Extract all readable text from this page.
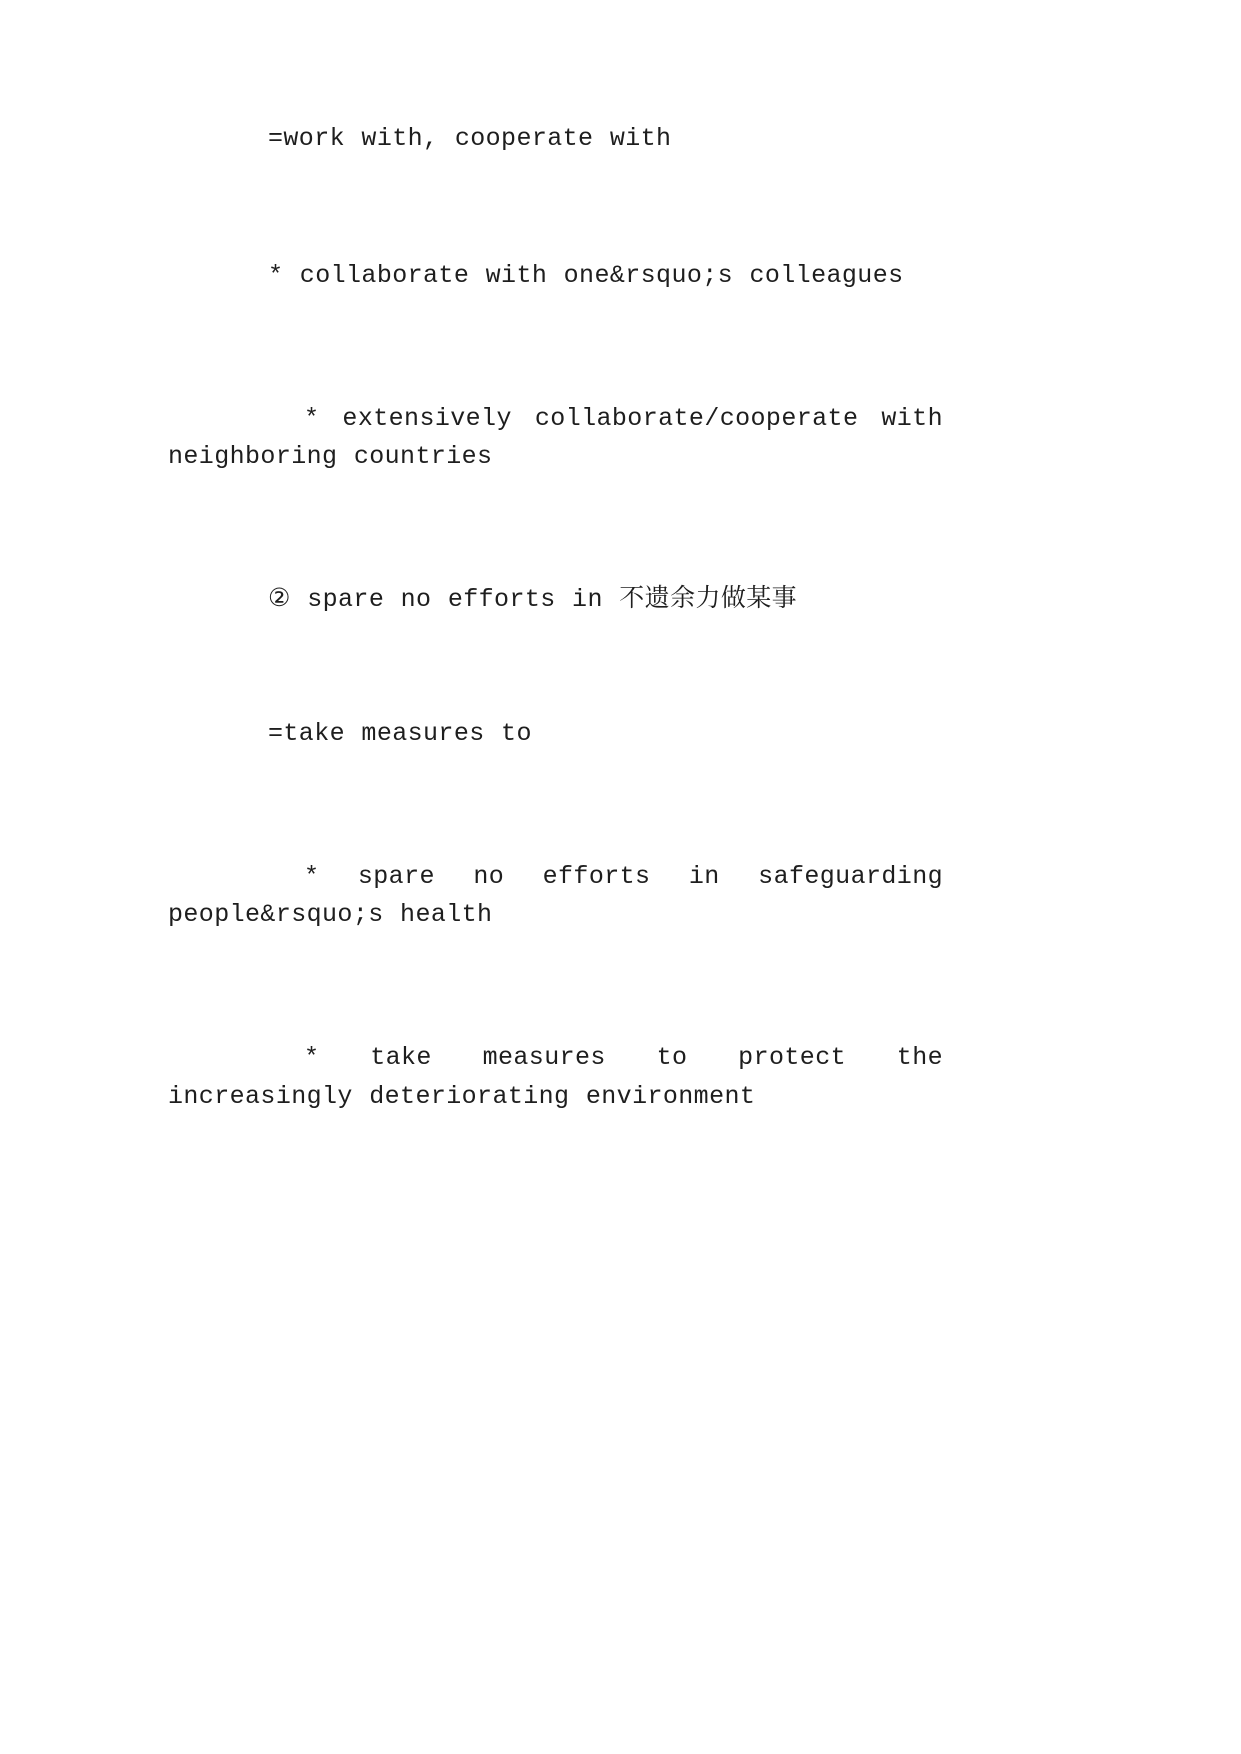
=work with, cooperate with

* collaborate with one&rsquo;s colleagues

* extensively collaborate/cooperate with neighboring countries

② spare no efforts in 不遗余力做某事

=take measures to

* spare no efforts in safeguarding people&rsquo;s health

* take measures to protect the increasingly deteriorating environment
